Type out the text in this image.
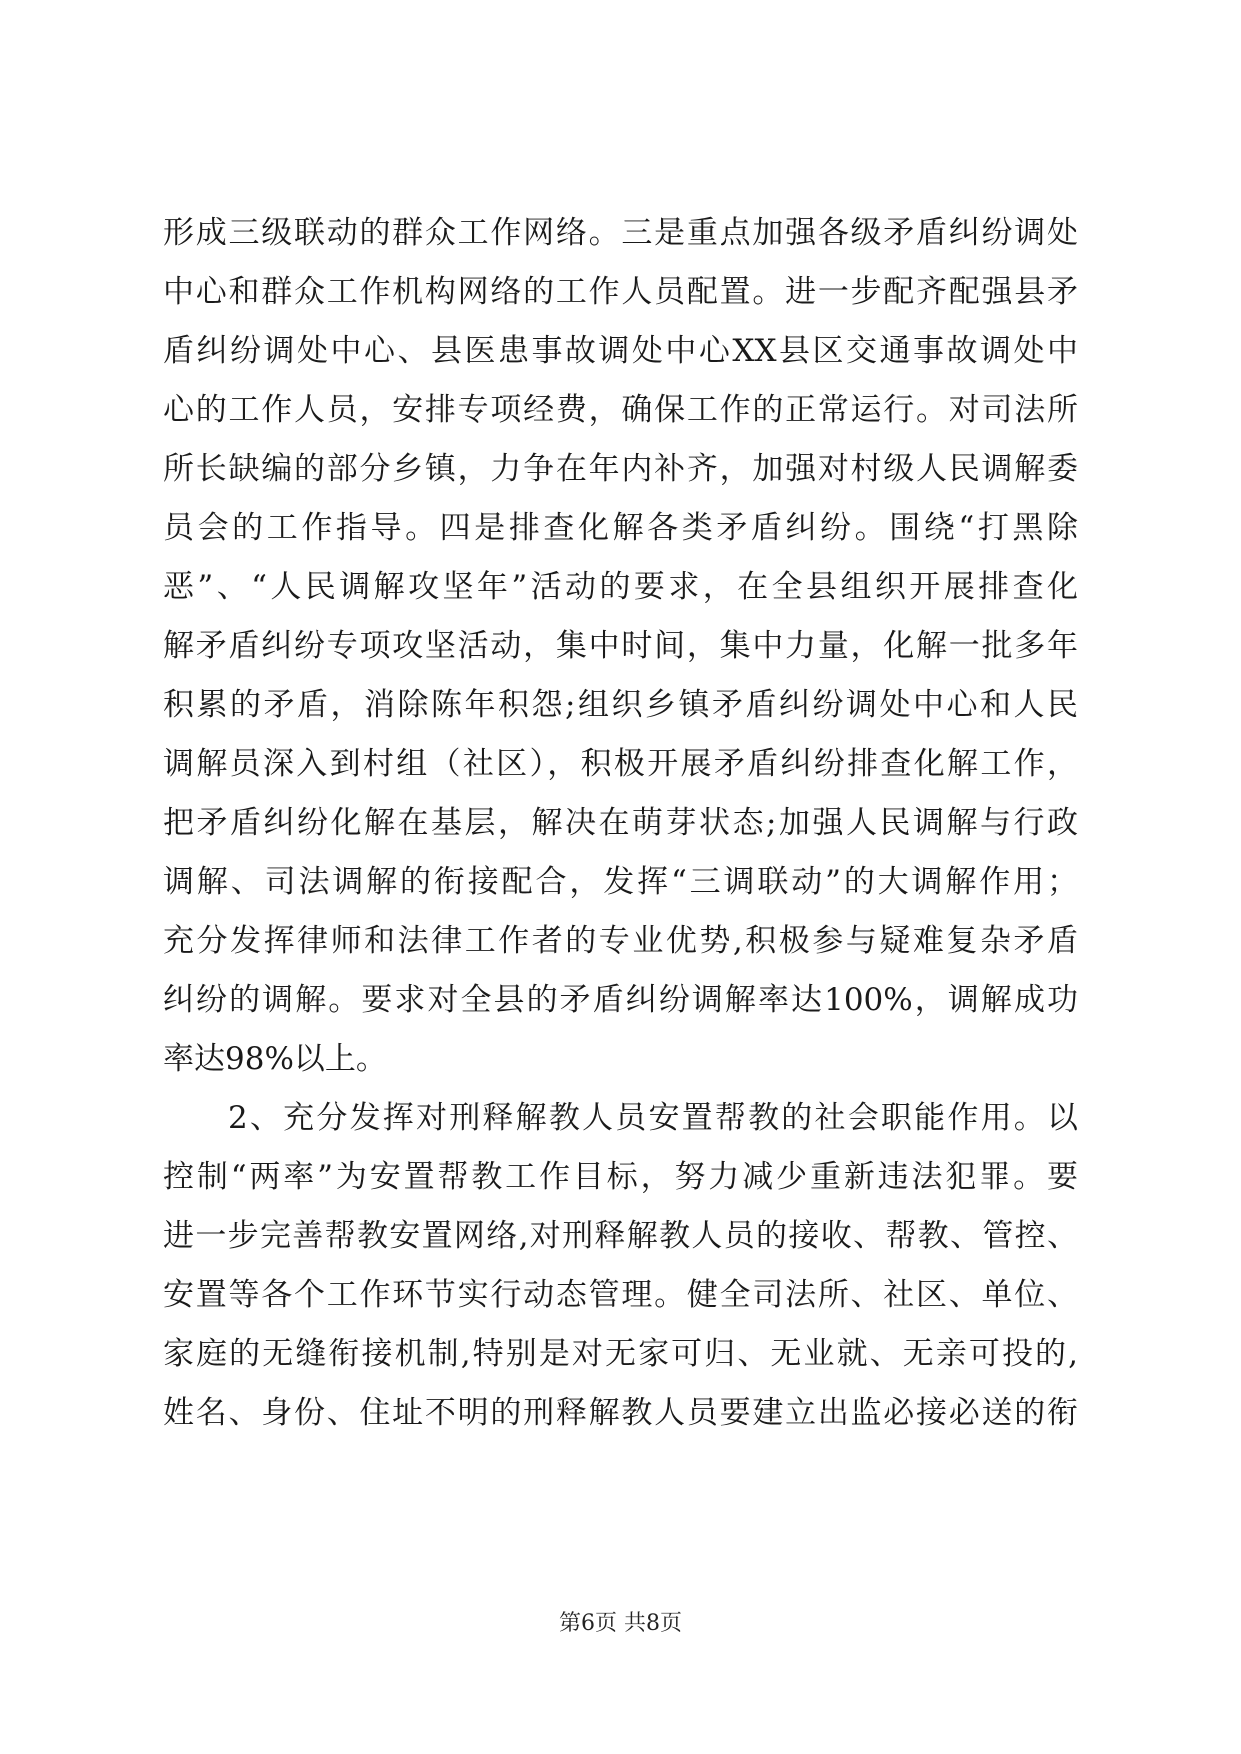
形成三级联动的群众工作网络。三是重点加强各级矛盾纠纷调处
中心和群众工作机构网络的工作人员配置。进一步配齐配强县矛
盾纠纷调处中心、县医患事故调处中心XX县区交通事故调处中
心的工作人员，安排专项经费，确保工作的正常运行。对司法所
所长缺编的部分乡镇，力争在年内补齐，加强对村级人民调解委
员会的工作指导。四是排查化解各类矛盾纠纷。围绕“打黑除
恶”、“人民调解攻坚年”活动的要求，在全县组织开展排查化
解矛盾纠纷专项攻坚活动，集中时间，集中力量，化解一批多年
积累的矛盾，消除陈年积怨;组织乡镇矛盾纠纷调处中心和人民
调解员深入到村组（社区），积极开展矛盾纠纷排查化解工作，
把矛盾纠纷化解在基层，解决在萌芽状态;加强人民调解与行政
调解、司法调解的衔接配合，发挥“三调联动”的大调解作用；
充分发挥律师和法律工作者的专业优势,积极参与疑难复杂矛盾
纠纷的调解。要求对全县的矛盾纠纷调解率达100%，调解成功
率达98%以上。
2、充分发挥对刑释解教人员安置帮教的社会职能作用。以
控制“两率”为安置帮教工作目标，努力减少重新违法犯罪。要
进一步完善帮教安置网络,对刑释解教人员的接收、帮教、管控、
安置等各个工作环节实行动态管理。健全司法所、社区、单位、
家庭的无缝衔接机制,特别是对无家可归、无业就、无亲可投的,
姓名、身份、住址不明的刑释解教人员要建立出监必接必送的衔
第6页 共8页
